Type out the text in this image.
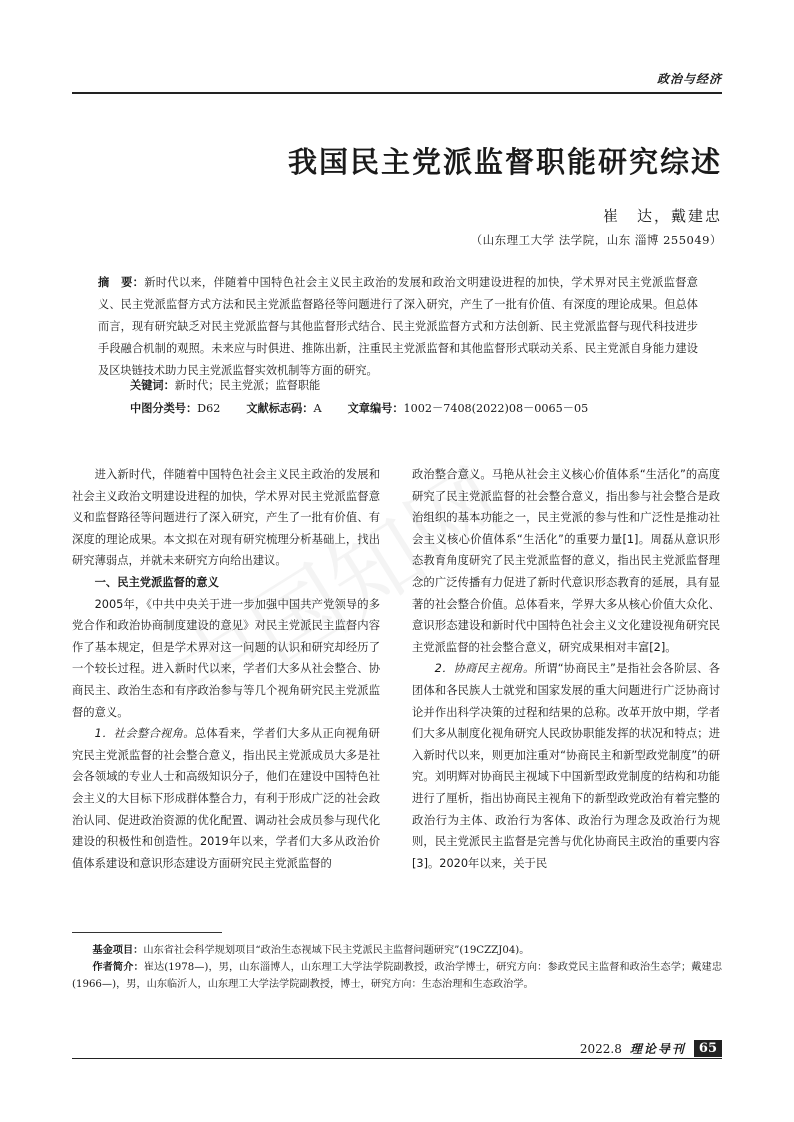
政治与经济
我国民主党派监督职能研究综述
崔　达，戴建忠
（山东理工大学 法学院，山东 淄博 255049）
摘　要：新时代以来，伴随着中国特色社会主义民主政治的发展和政治文明建设进程的加快，学术界对民主党派监督意义、民主党派监督方式方法和民主党派监督路径等问题进行了深入研究，产生了一批有价值、有深度的理论成果。但总体而言，现有研究缺乏对民主党派监督与其他监督形式结合、民主党派监督方式和方法创新、民主党派监督与现代科技进步手段融合机制的观照。未来应与时俱进、推陈出新，注重民主党派监督和其他监督形式联动关系、民主党派自身能力建设及区块链技术助力民主党派监督实效机制等方面的研究。
关键词：新时代；民主党派；监督职能
中图分类号：D62 文献标志码：A 文章编号：1002－7408(2022)08－0065－05

进入新时代，伴随着中国特色社会主义民主政治的发展和社会主义政治文明建设进程的加快，学术界对民主党派监督意义和监督路径等问题进行了深入研究，产生了一批有价值、有深度的理论成果。本文拟在对现有研究梳理分析基础上，找出研究薄弱点，并就未来研究方向给出建议。

一、民主党派监督的意义

2005年，《中共中央关于进一步加强中国共产党领导的多党合作和政治协商制度建设的意见》对民主党派民主监督内容作了基本规定，但是学术界对这一问题的认识和研究却经历了一个较长过程。进入新时代以来，学者们大多从社会整合、协商民主、政治生态和有序政治参与等几个视角研究民主党派监督的意义。

1．社会整合视角。总体看来，学者们大多从正向视角研究民主党派监督的社会整合意义，指出民主党派成员大多是社会各领域的专业人士和高级知识分子，他们在建设中国特色社会主义的大目标下形成群体整合力，有利于形成广泛的社会政治认同、促进政治资源的优化配置、调动社会成员参与现代化建设的积极性和创造性。2019年以来，学者们大多从政治价值体系建设和意识形态建设方面研究民主党派监督的

政治整合意义。马艳从社会主义核心价值体系“生活化”的高度研究了民主党派监督的社会整合意义，指出参与社会整合是政治组织的基本功能之一，民主党派的参与性和广泛性是推动社会主义核心价值体系“生活化”的重要力量[1]。周磊从意识形态教育角度研究了民主党派监督的意义，指出民主党派监督理念的广泛传播有力促进了新时代意识形态教育的延展，具有显著的社会整合价值。总体看来，学界大多从核心价值大众化、意识形态建设和新时代中国特色社会主义文化建设视角研究民主党派监督的社会整合意义，研究成果相对丰富[2]。

2．协商民主视角。所谓“协商民主”是指社会各阶层、各团体和各民族人士就党和国家发展的重大问题进行广泛协商讨论并作出科学决策的过程和结果的总称。改革开放中期，学者们大多从制度化视角研究人民政协职能发挥的状况和特点；进入新时代以来，则更加注重对“协商民主和新型政党制度”的研究。刘明辉对协商民主视域下中国新型政党制度的结构和功能进行了厘析，指出协商民主视角下的新型政党政治有着完整的政治行为主体、政治行为客体、政治行为理念及政治行为规则，民主党派民主监督是完善与优化协商民主政治的重要内容[3]。2020年以来，关于民

基金项目：山东省社会科学规划项目“政治生态视域下民主党派民主监督问题研究”(19CZZJ04)。

作者简介：崔达(1978—)，男，山东淄博人，山东理工大学法学院副教授，政治学博士，研究方向：参政党民主监督和政治生态学；戴建忠(1966—)，男，山东临沂人，山东理工大学法学院副教授，博士，研究方向：生态治理和生态政治学。

2022.8 理论导刊	65
